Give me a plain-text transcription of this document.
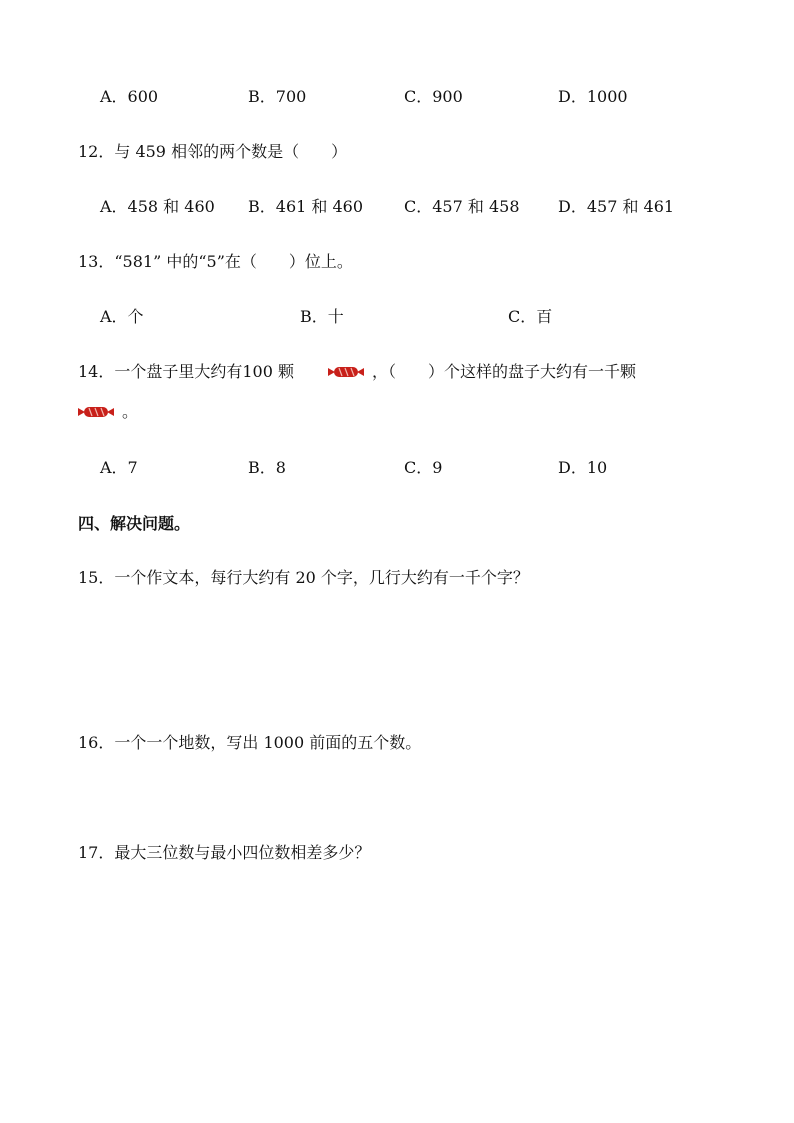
A．600	B．700	C．900	D．1000
12．与 459 相邻的两个数是（　　）
A．458 和 460 B．461 和 460	C．457 和 458 D．457 和 461
13．“581” 中的“5”在（　　）位上。
A．个	B．十	C．百
14．一个盘子里大约有100 颗	，（　　）个这样的盘子大约有一千颗
。
A．7	B．8	C．9	D．10
四、解决问题。
15．一个作文本，每行大约有 20 个字，几行大约有一千个字？
16．一个一个地数，写出 1000 前面的五个数。
17．最大三位数与最小四位数相差多少？
